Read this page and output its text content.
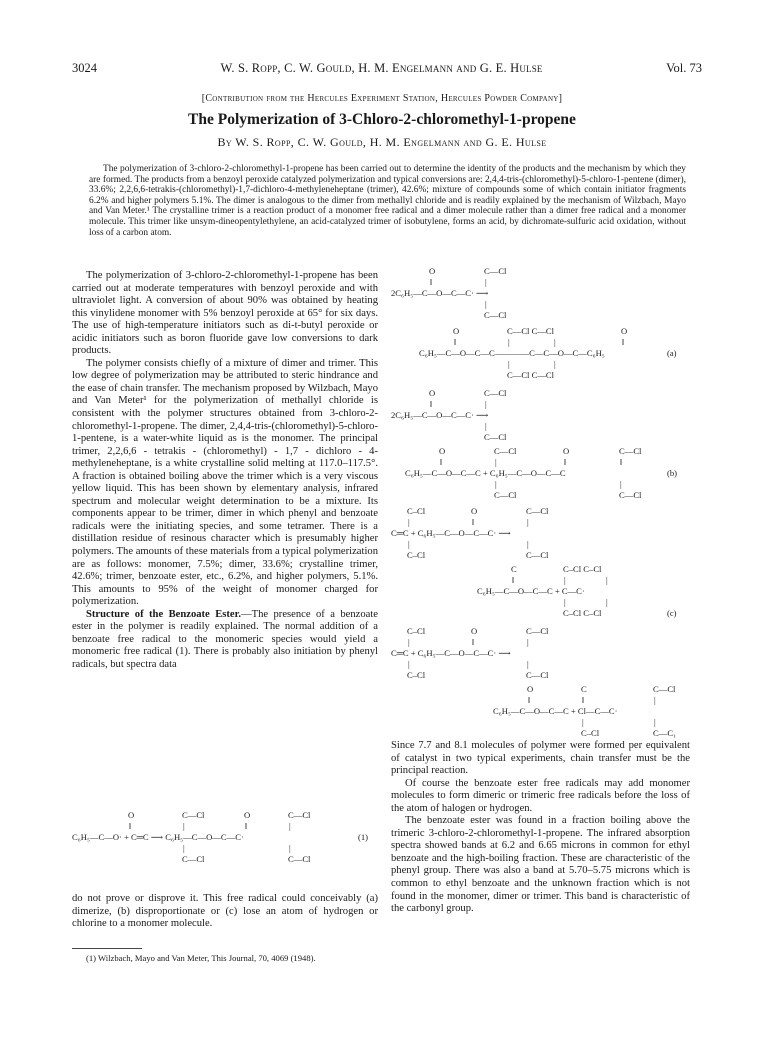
3024	W. S. Ropp, C. W. Gould, H. M. Engelmann and G. E. Hulse	Vol. 73
[Contribution from the Hercules Experiment Station, Hercules Powder Company]
The Polymerization of 3-Chloro-2-chloromethyl-1-propene
By W. S. Ropp, C. W. Gould, H. M. Engelmann and G. E. Hulse

The polymerization of 3-chloro-2-chloromethyl-1-propene has been carried out to determine the identity of the products and the mechanism by which they are formed. The products from a benzoyl peroxide catalyzed polymerization and typical conversions are: 2,4,4-tris-(chloromethyl)-5-chloro-1-pentene (dimer), 33.6%; 2,2,6,6-tetrakis-(chloromethyl)-1,7-dichloro-4-methyleneheptane (trimer), 42.6%; mixture of compounds some of which contain initiator fragments 6.2% and higher polymers 5.1%. The dimer is analogous to the dimer from methallyl chloride and is readily explained by the mechanism of Wilzbach, Mayo and Van Meter.¹ The crystalline trimer is a reaction product of a monomer free radical and a dimer molecule rather than a dimer free radical and a monomer molecule. This trimer like unsym-dineopentylethylene, an acid-catalyzed trimer of isobutylene, forms an acid, by dichromate-sulfuric acid oxidation, without loss of a carbon atom.

The polymerization of 3-chloro-2-chloromethyl-1-propene has been carried out at moderate temperatures with benzoyl peroxide and with ultraviolet light. A conversion of about 90% was obtained by heating this vinylidene monomer with 5% benzoyl peroxide at 65° for six days. The use of high-temperature initiators such as di-t-butyl peroxide or acidic initiators such as boron fluoride gave low conversions to dark products.

The polymer consists chiefly of a mixture of dimer and trimer. This low degree of polymerization may be attributed to steric hindrance and the ease of chain transfer. The mechanism proposed by Wilzbach, Mayo and Van Meter¹ for the polymerization of methallyl chloride is consistent with the polymer structures obtained from 3-chloro-2-chloromethyl-1-propene. The dimer, 2,4,4-tris-(chloromethyl)-5-chloro-1-pentene, is a water-white liquid as is the monomer. The principal trimer, 2,2,6,6 - tetrakis - (chloromethyl) - 1,7 - dichloro - 4-methyleneheptane, is a white crystalline solid melting at 117.0–117.5°. A fraction is obtained boiling above the trimer which is a very viscous yellow liquid. This has been shown by elementary analysis, infrared spectrum and molecular weight determination to be a mixture. Its components appear to be trimer, dimer in which phenyl and benzoate radicals were the initiating species, and some tetramer. There is a distillation residue of resinous character which is presumably higher polymers. The amounts of these materials from a typical polymerization are as follows: monomer, 7.5%; dimer, 33.6%; crystalline trimer, 42.6%; trimer, benzoate ester, etc., 6.2%, and higher polymers, 5.1%. This amounts to 95% of the weight of monomer charged for polymerization.

Structure of the Benzoate Ester.—The presence of a benzoate ester in the polymer is readily explained. The normal addition of a benzoate free radical to the monomeric species would yield a monomeric free radical (1). There is probably also initiation by phenyl radicals, but spectra data

O	C—Cl	O	C—Cl
‖	|	‖	|
C₆H₅—C—O· + C═C ⟶ C₆H₅—C—O—C—C·	(1)
|	|
C—Cl	C—Cl

do not prove or disprove it. This free radical could conceivably (a) dimerize, (b) disproportionate or (c) lose an atom of hydrogen or chlorine to a monomer molecule.

(1) Wilzbach, Mayo and Van Meter, This Journal, 70, 4069 (1948).

O	C—Cl
‖	|
2C₆H₅—C—O—C—C· ⟶
|
C—Cl
O	C—Cl C—Cl	O
‖	|	|	‖
C₆H₅—C—O—C—C————C—C—O—C—C₆H₅	(a)
|	|
C—Cl C—Cl
O	C—Cl
‖	|
2C₆H₅—C—O—C—C· ⟶
|
C—Cl
O	C—Cl	O	C—Cl
‖	|	‖	‖
C₆H₅—C—O—C—C + C₆H₅—C—O—C—C	(b)
|	|
C—Cl	C—Cl
C–Cl	O	C—Cl
|	‖	|
C═C + C₆H₅—C—O—C—C· ⟶
|	|
C–Cl	C—Cl
C	C–Cl C–Cl
‖	|	|
C₆H₅—C—O—C—C + C—C·
|	|
C–Cl C–Cl	(c)
C–Cl	O	C—Cl
|	‖	|
C═C + C₆H₅—C—O—C—C· ⟶
|	|
C–Cl	C—Cl
O	C	C—Cl
‖	‖	|
C₆H₅—C—O—C—C + Cl—C—C·
|	|
C–Cl	C—C₁

Since 7.7 and 8.1 molecules of polymer were formed per equivalent of catalyst in two typical experiments, chain transfer must be the principal reaction.

Of course the benzoate ester free radicals may add monomer molecules to form dimeric or trimeric free radicals before the loss of the atom of halogen or hydrogen.

The benzoate ester was found in a fraction boiling above the trimeric 3-chloro-2-chloromethyl-1-propene. The infrared absorption spectra showed bands at 6.2 and 6.65 microns in common for ethyl benzoate and the high-boiling fraction. These are characteristic of the phenyl group. There was also a band at 5.70–5.75 microns which is common to ethyl benzoate and the unknown fraction which is not found in the monomer, dimer or trimer. This band is characteristic of the carbonyl group.
